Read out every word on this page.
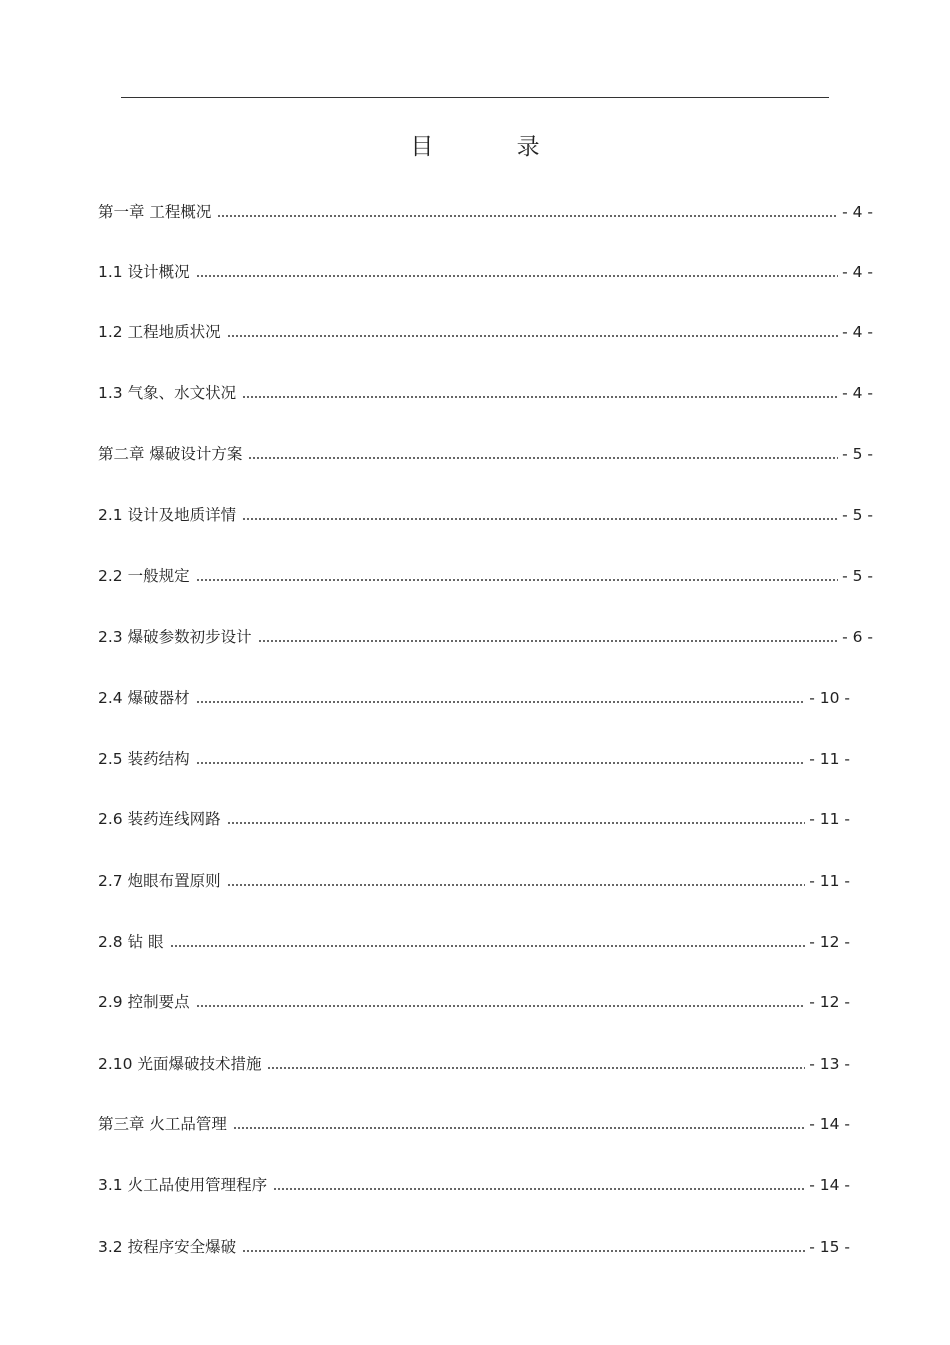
目 录
第一章 工程概况	- 4 -
1.1 设计概况	- 4 -
1.2 工程地质状况	- 4 -
1.3 气象、水文状况	- 4 -
第二章 爆破设计方案	- 5 -
2.1 设计及地质详情	- 5 -
2.2 一般规定	- 5 -
2.3 爆破参数初步设计	- 6 -
2.4 爆破器材	- 10 -
2.5 装药结构	- 11 -
2.6 装药连线网路	- 11 -
2.7 炮眼布置原则	- 11 -
2.8 钻 眼	- 12 -
2.9 控制要点	- 12 -
2.10 光面爆破技术措施	- 13 -
第三章 火工品管理	- 14 -
3.1 火工品使用管理程序	- 14 -
3.2 按程序安全爆破	- 15 -
